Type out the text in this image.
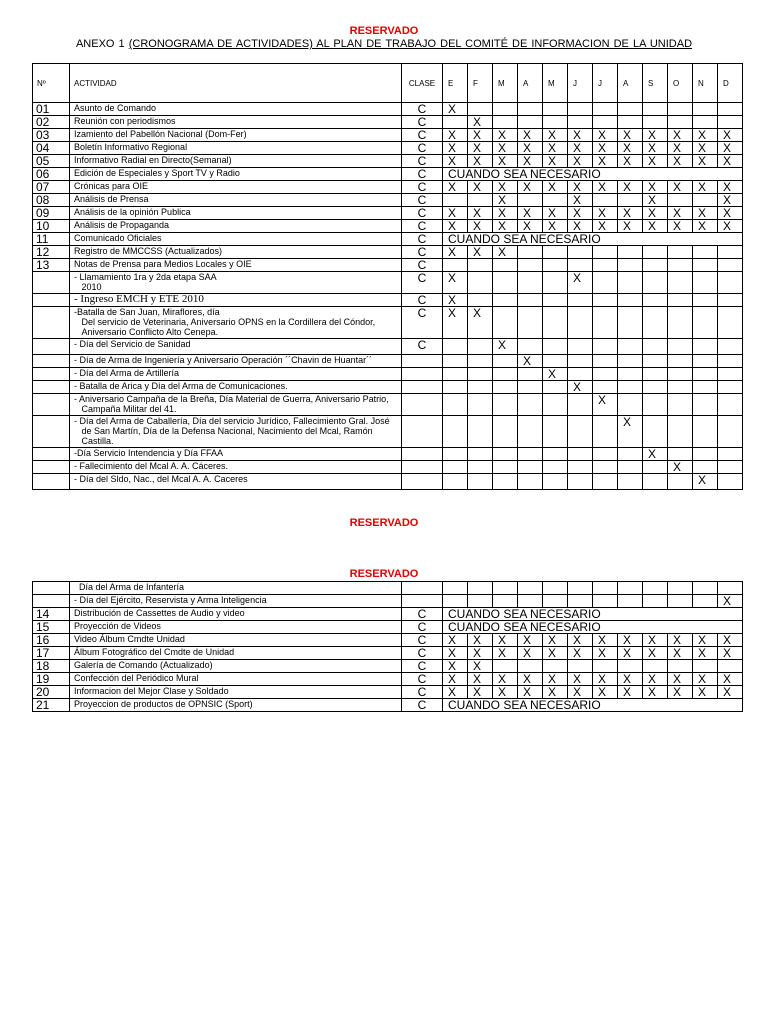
RESERVADO
ANEXO 1 (CRONOGRAMA DE ACTIVIDADES) AL PLAN DE TRABAJO DEL COMITÉ DE INFORMACION DE LA UNIDAD
Nº	ACTIVIDAD	CLASE	E	F	M	A	M	J	J	A	S	O	N	D
01	Asunto de Comando	C	X											
02	Reunión con periodismos	C		X										
03	Izamiento del Pabellón Nacional (Dom-Fer)	C	X	X	X	X	X	X	X	X	X	X	X	X
04	Boletín Informativo Regional	C	X	X	X	X	X	X	X	X	X	X	X	X
05	Informativo Radial en Directo(Semanal)	C	X	X	X	X	X	X	X	X	X	X	X	X
06	Edición de Especiales y Sport TV y Radio	C	CUANDO SEA NECESARIO											
07	Crónicas para OIE	C	X	X	X	X	X	X	X	X	X	X	X	X
08	Análisis de Prensa	C			X			X			X			X
09	Análisis de la opinión Publica	C	X	X	X	X	X	X	X	X	X	X	X	X
10	Análisis de Propaganda	C	X	X	X	X	X	X	X	X	X	X	X	X
11	Comunicado Oficiales	C	CUANDO SEA NECESARIO											
12	Registro de MMCCSS (Actualizados)	C	X	X	X									
13	Notas de Prensa para Medios Locales y OIE	C												
	- Llamamiento 1ra y 2da etapa SAA
2010	C	X					X						
	- Ingreso EMCH y ETE 2010	C	X											
	-Batalla de San Juan, Miraflores, día
Del servicio de Veterinaria, Aniversario OPNS en la Cordillera del Cóndor,
Aniversario Conflicto Alto Cenepa.	C	X	X										
	- Día del Servicio de Sanidad	C			X									
	- Día de Arma de Ingeniería y Aniversario Operación ´´Chavin de Huantar´´					X								
	- Día del Arma de Artillería						X							
	- Batalla de Arica y Día del Arma de Comunicaciones.							X						
	- Aniversario Campaña de la Breña, Día Material de Guerra, Aniversario Patrio,
Campaña Militar del 41.								X					
	- Día del Arma de Caballería, Día del servicio Jurídico, Fallecimiento Gral. José
de San Martín, Día de la Defensa Nacional, Nacimiento del Mcal, Ramón
Castilla.									X				
	-Día Servicio Intendencia y Día FFAA										X			
	- Fallecimiento del Mcal A. A. Cáceres.											X		
	- Día del Sldo, Nac., del Mcal A. A. Caceres												X	
RESERVADO
RESERVADO
	Día del Arma de Infantería													
	- Día del Ejército, Reservista y Arma Inteligencia													X
14	Distribución de Cassettes de Audio y video	C	CUANDO SEA NECESARIO											
15	Proyección de Videos	C	CUANDO SEA NECESARIO											
16	Video Álbum Cmdte Unidad	C	X	X	X	X	X	X	X	X	X	X	X	X
17	Álbum Fotográfico del Cmdte de Unidad	C	X	X	X	X	X	X	X	X	X	X	X	X
18	Galería de Comando (Actualizado)	C	X	X										
19	Confección del Periódico Mural	C	X	X	X	X	X	X	X	X	X	X	X	X
20	Informacion del Mejor Clase y Soldado	C	X	X	X	X	X	X	X	X	X	X	X	X
21	Proyeccion de productos de OPNSIC (Sport)	C	CUANDO SEA NECESARIO											
